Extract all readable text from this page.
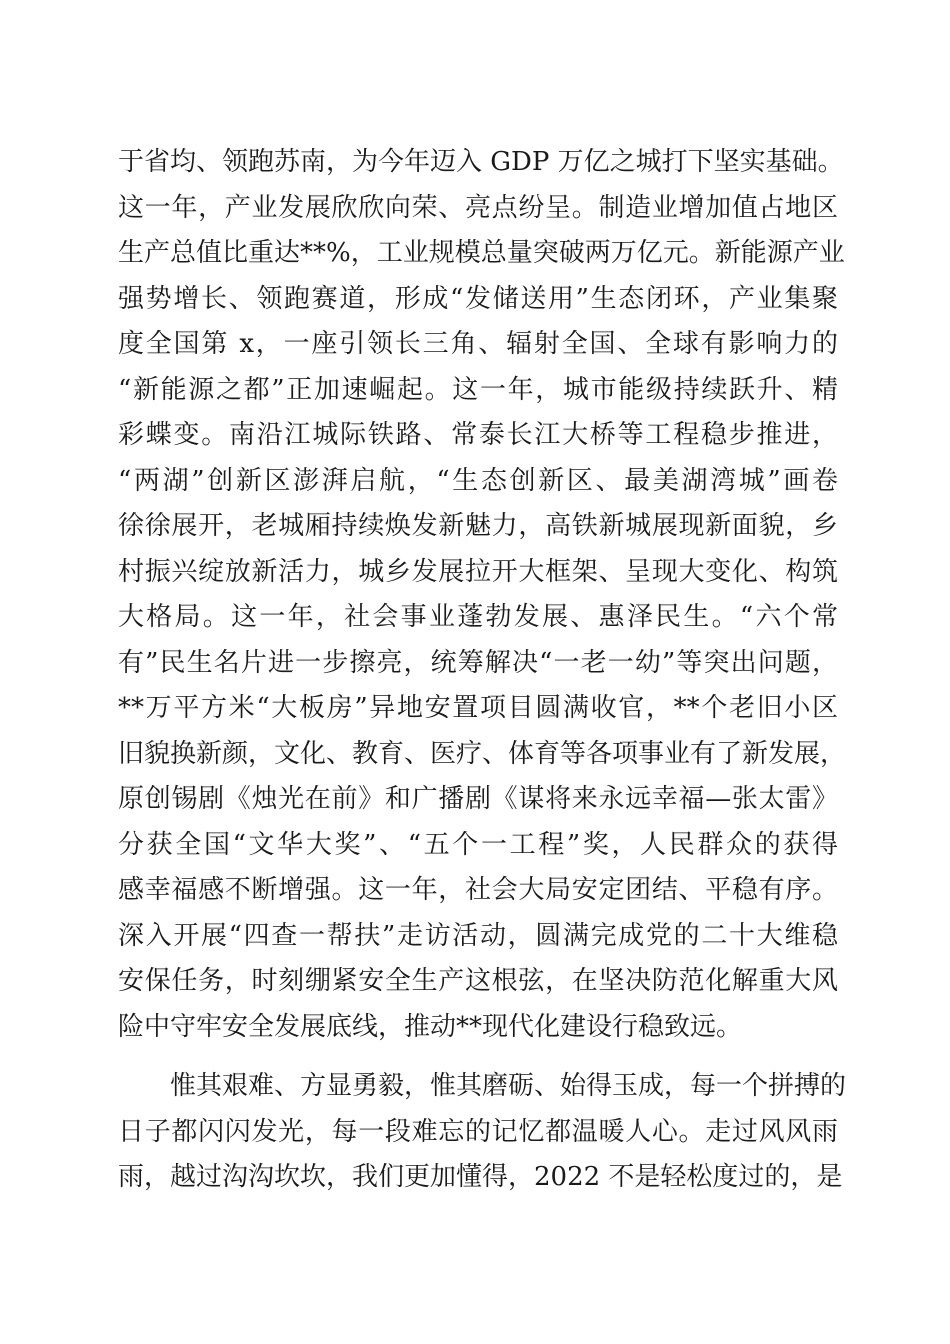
于省均、领跑苏南，为今年迈入 GDP 万亿之城打下坚实基础。
这一年，产业发展欣欣向荣、亮点纷呈。制造业增加值占地区
生产总值比重达**%，工业规模总量突破两万亿元。新能源产业
强势增长、领跑赛道，形成“发储送用”生态闭环，产业集聚
度全国第 x，一座引领长三角、辐射全国、全球有影响力的
“新能源之都”正加速崛起。这一年，城市能级持续跃升、精
彩蝶变。南沿江城际铁路、常泰长江大桥等工程稳步推进，
“两湖”创新区澎湃启航，“生态创新区、最美湖湾城”画卷
徐徐展开，老城厢持续焕发新魅力，高铁新城展现新面貌，乡
村振兴绽放新活力，城乡发展拉开大框架、呈现大变化、构筑
大格局。这一年，社会事业蓬勃发展、惠泽民生。“六个常
有”民生名片进一步擦亮，统筹解决“一老一幼”等突出问题，
**万平方米“大板房”异地安置项目圆满收官，**个老旧小区
旧貌换新颜，文化、教育、医疗、体育等各项事业有了新发展，
原创锡剧《烛光在前》和广播剧《谋将来永远幸福—张太雷》
分获全国“文华大奖”、“五个一工程”奖，人民群众的获得
感幸福感不断增强。这一年，社会大局安定团结、平稳有序。
深入开展“四查一帮扶”走访活动，圆满完成党的二十大维稳
安保任务，时刻绷紧安全生产这根弦，在坚决防范化解重大风
险中守牢安全发展底线，推动**现代化建设行稳致远。
　　惟其艰难、方显勇毅，惟其磨砺、始得玉成，每一个拼搏的
日子都闪闪发光，每一段难忘的记忆都温暖人心。走过风风雨
雨，越过沟沟坎坎，我们更加懂得，2022 不是轻松度过的，是
